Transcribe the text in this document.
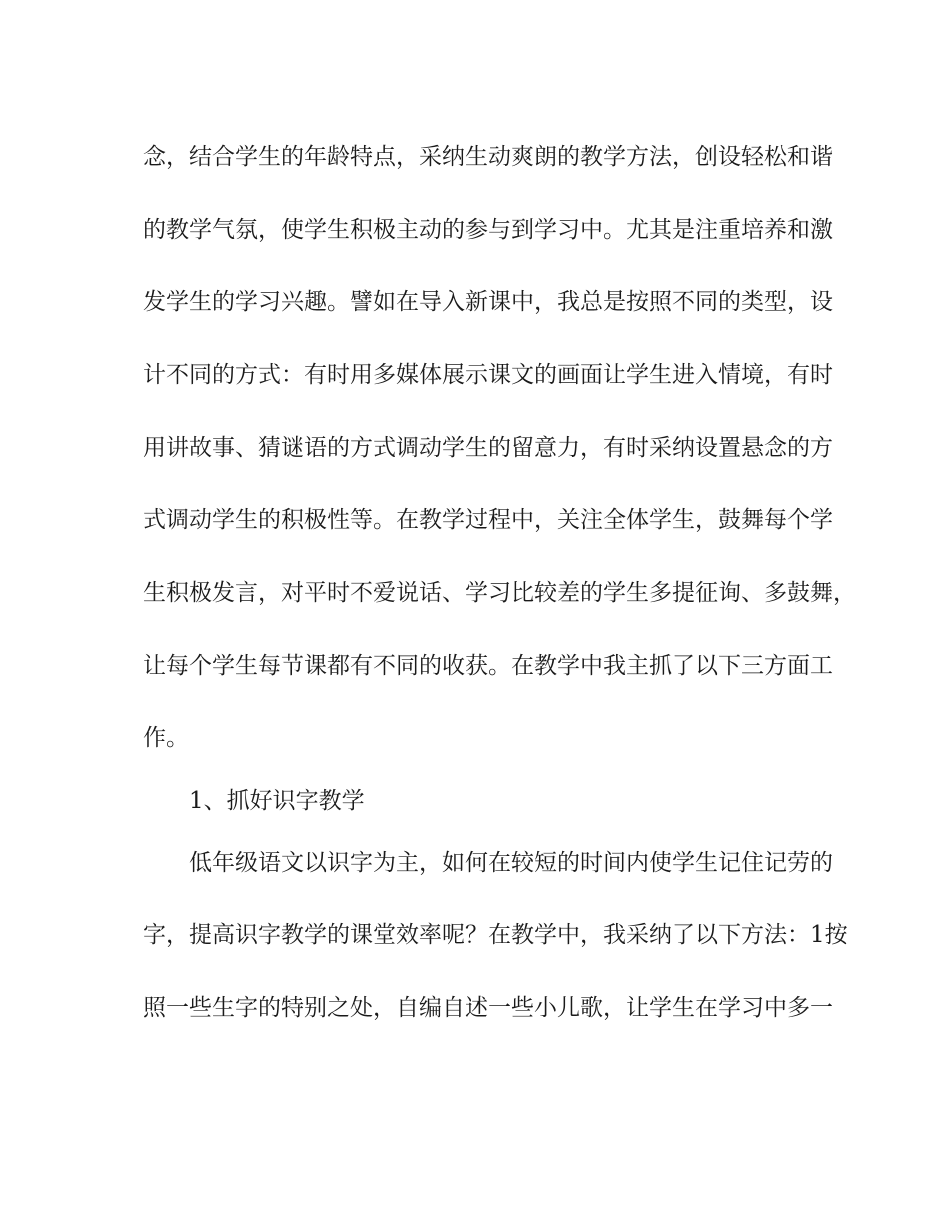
念，结合学生的年龄特点，采纳生动爽朗的教学方法，创设轻松和谐
的教学气氛，使学生积极主动的参与到学习中。尤其是注重培养和激
发学生的学习兴趣。譬如在导入新课中，我总是按照不同的类型，设
计不同的方式：有时用多媒体展示课文的画面让学生进入情境，有时
用讲故事、猜谜语的方式调动学生的留意力，有时采纳设置悬念的方
式调动学生的积极性等。在教学过程中，关注全体学生，鼓舞每个学
生积极发言，对平时不爱说话、学习比较差的学生多提征询、多鼓舞，
让每个学生每节课都有不同的收获。在教学中我主抓了以下三方面工
作。
1、抓好识字教学
低年级语文以识字为主，如何在较短的时间内使学生记住记劳的
字，提高识字教学的课堂效率呢？在教学中，我采纳了以下方法：1按
照一些生字的特别之处，自编自述一些小儿歌，让学生在学习中多一
